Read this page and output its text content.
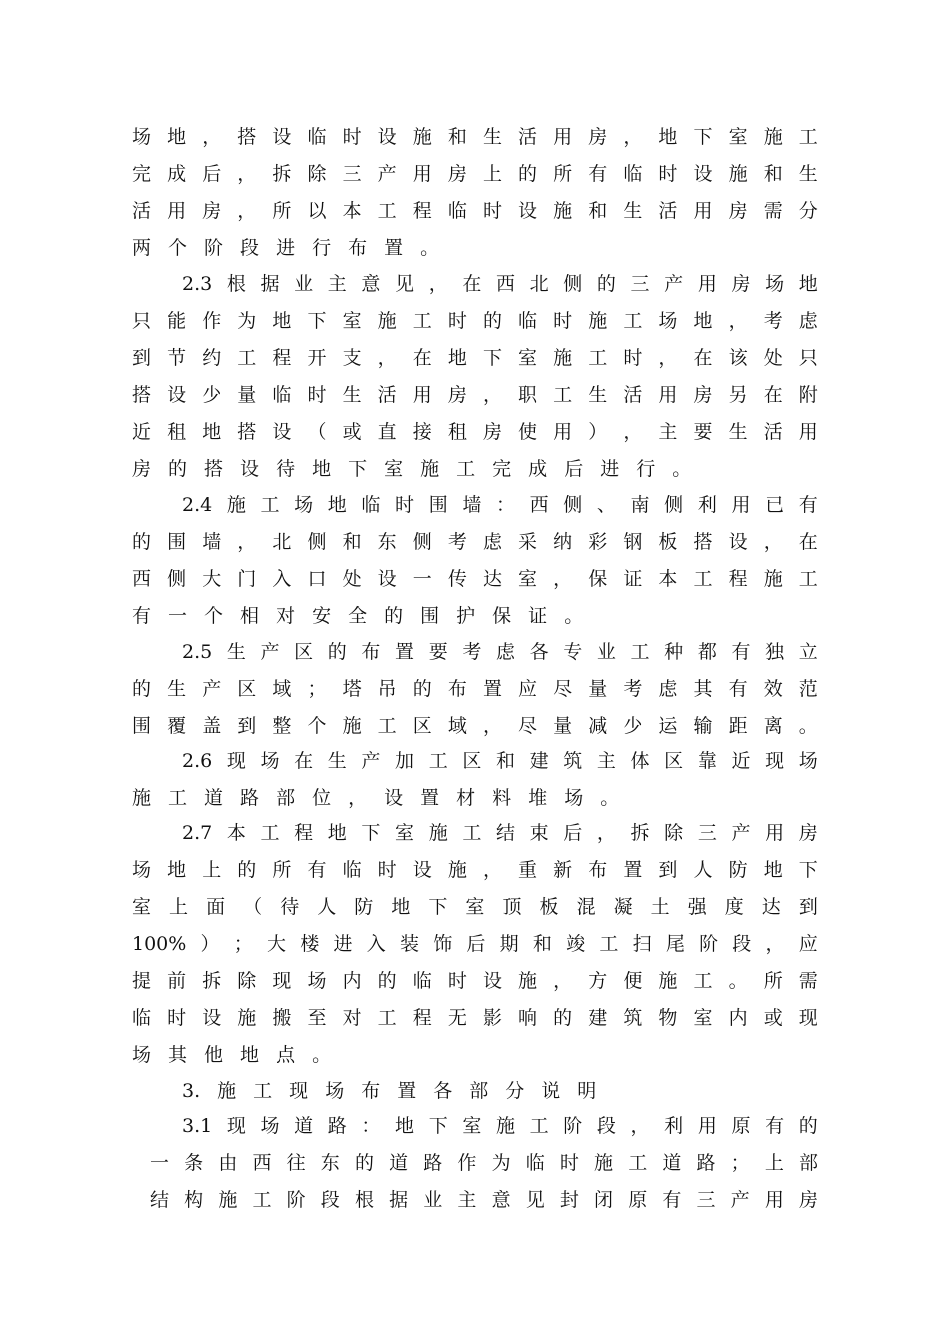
场 地 ， 搭 设 临 时 设 施 和 生 活 用 房 ， 地 下 室 施 工
完 成 后 ， 拆 除 三 产 用 房 上 的 所 有 临 时 设 施 和 生
活 用 房 ， 所 以 本 工 程 临 时 设 施 和 生 活 用 房 需 分
两 个 阶 段 进 行 布 置 。
2.3 根 据 业 主 意 见 ， 在 西 北 侧 的 三 产 用 房 场 地
只 能 作 为 地 下 室 施 工 时 的 临 时 施 工 场 地 ， 考 虑
到 节 约 工 程 开 支 ， 在 地 下 室 施 工 时 ， 在 该 处 只
搭 设 少 量 临 时 生 活 用 房 ， 职 工 生 活 用 房 另 在 附
近 租 地 搭 设 （ 或 直 接 租 房 使 用 ） ， 主 要 生 活 用
房 的 搭 设 待 地 下 室 施 工 完 成 后 进 行 。
2.4 施 工 场 地 临 时 围 墙 ： 西 侧 、 南 侧 利 用 已 有
的 围 墙 ， 北 侧 和 东 侧 考 虑 采 纳 彩 钢 板 搭 设 ， 在
西 侧 大 门 入 口 处 设 一 传 达 室 ， 保 证 本 工 程 施 工
有 一 个 相 对 安 全 的 围 护 保 证 。
2.5 生 产 区 的 布 置 要 考 虑 各 专 业 工 种 都 有 独 立
的 生 产 区 域 ； 塔 吊 的 布 置 应 尽 量 考 虑 其 有 效 范
围 覆 盖 到 整 个 施 工 区 域 ， 尽 量 减 少 运 输 距 离 。
2.6 现 场 在 生 产 加 工 区 和 建 筑 主 体 区 靠 近 现 场
施 工 道 路 部 位 ， 设 置 材 料 堆 场 。
2.7 本 工 程 地 下 室 施 工 结 束 后 ， 拆 除 三 产 用 房
场 地 上 的 所 有 临 时 设 施 ， 重 新 布 置 到 人 防 地 下
室 上 面 （ 待 人 防 地 下 室 顶 板 混 凝 土 强 度 达 到
100% ） ； 大 楼 进 入 装 饰 后 期 和 竣 工 扫 尾 阶 段 ， 应
提 前 拆 除 现 场 内 的 临 时 设 施 ， 方 便 施 工 。 所 需
临 时 设 施 搬 至 对 工 程 无 影 响 的 建 筑 物 室 内 或 现
场 其 他 地 点 。
3. 施 工 现 场 布 置 各 部 分 说 明
3.1 现 场 道 路 ： 地 下 室 施 工 阶 段 ， 利 用 原 有 的
一 条 由 西 往 东 的 道 路 作 为 临 时 施 工 道 路 ； 上 部
结 构 施 工 阶 段 根 据 业 主 意 见 封 闭 原 有 三 产 用 房
